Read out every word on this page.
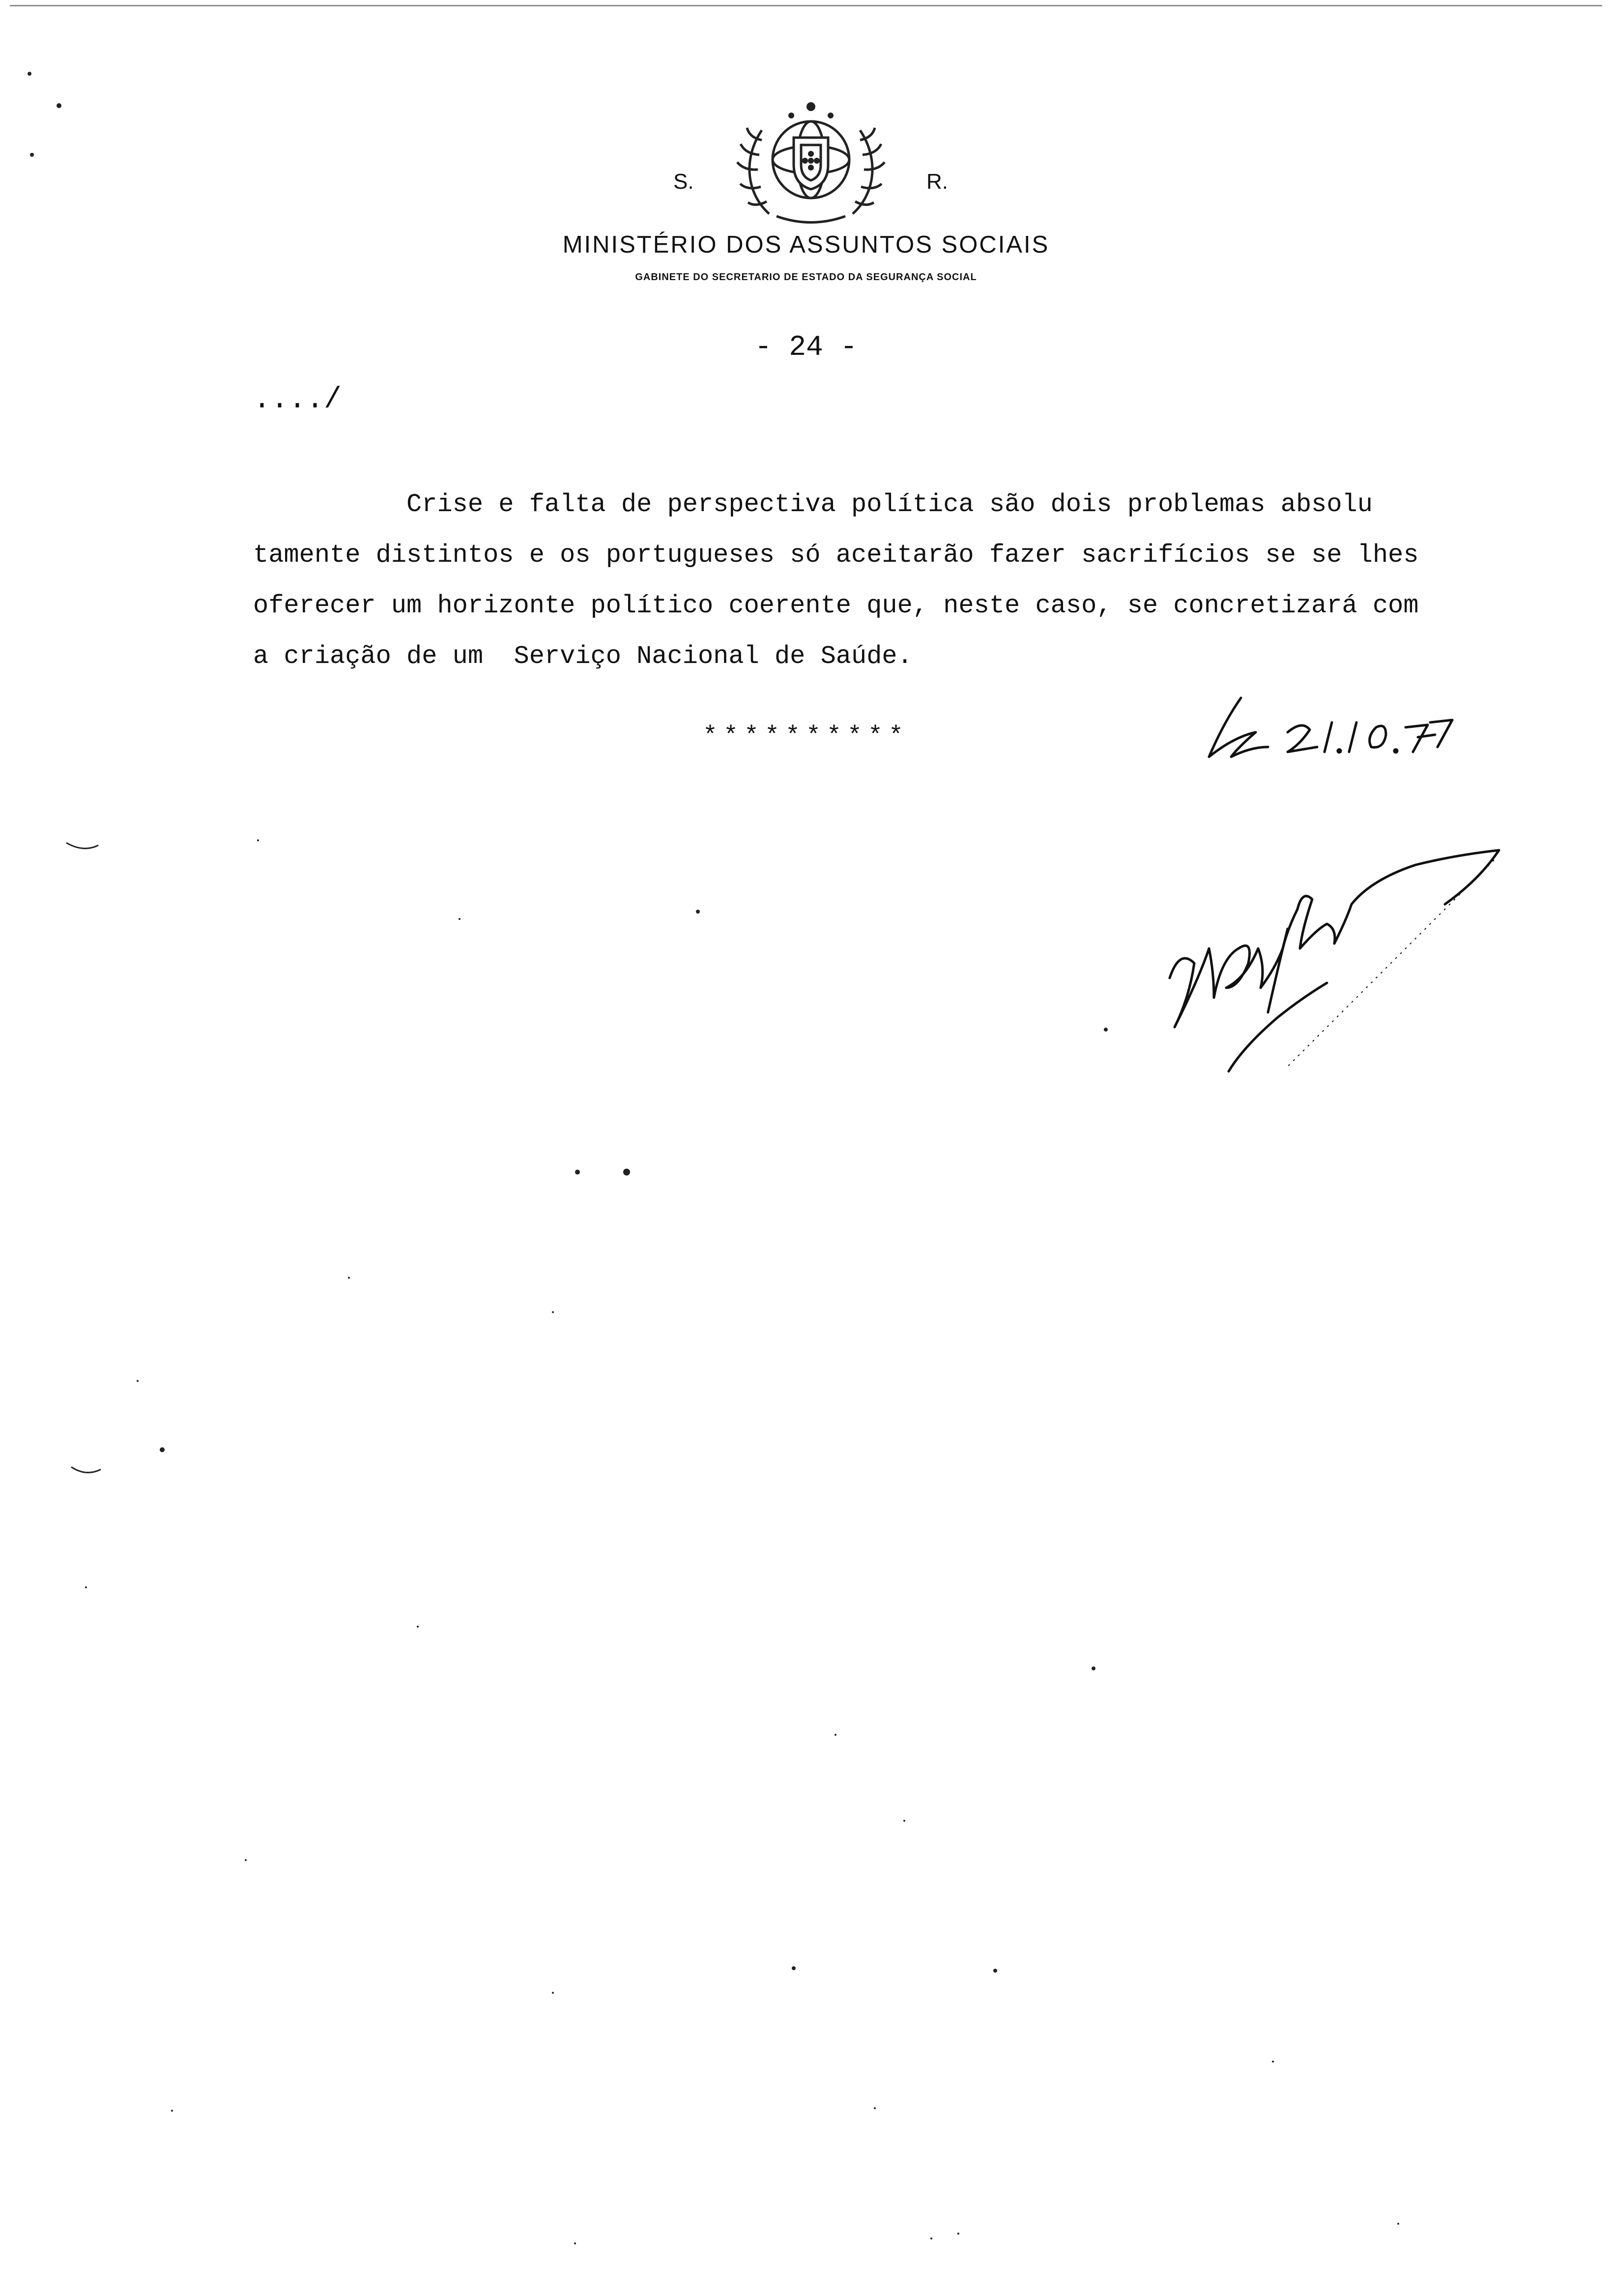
S.	R.
MINISTÉRIO DOS ASSUNTOS SOCIAIS
GABINETE DO SECRETARIO DE ESTADO DA SEGURANÇA SOCIAL
- 24 -
..../
Crise e falta de perspectiva política são dois problemas absolu
tamente distintos e os portugueses só aceitarão fazer sacrifícios se se lhes
oferecer um horizonte político coerente que, neste caso, se concretizará com
a criação de um  Serviço Nacional de Saúde.
**********
